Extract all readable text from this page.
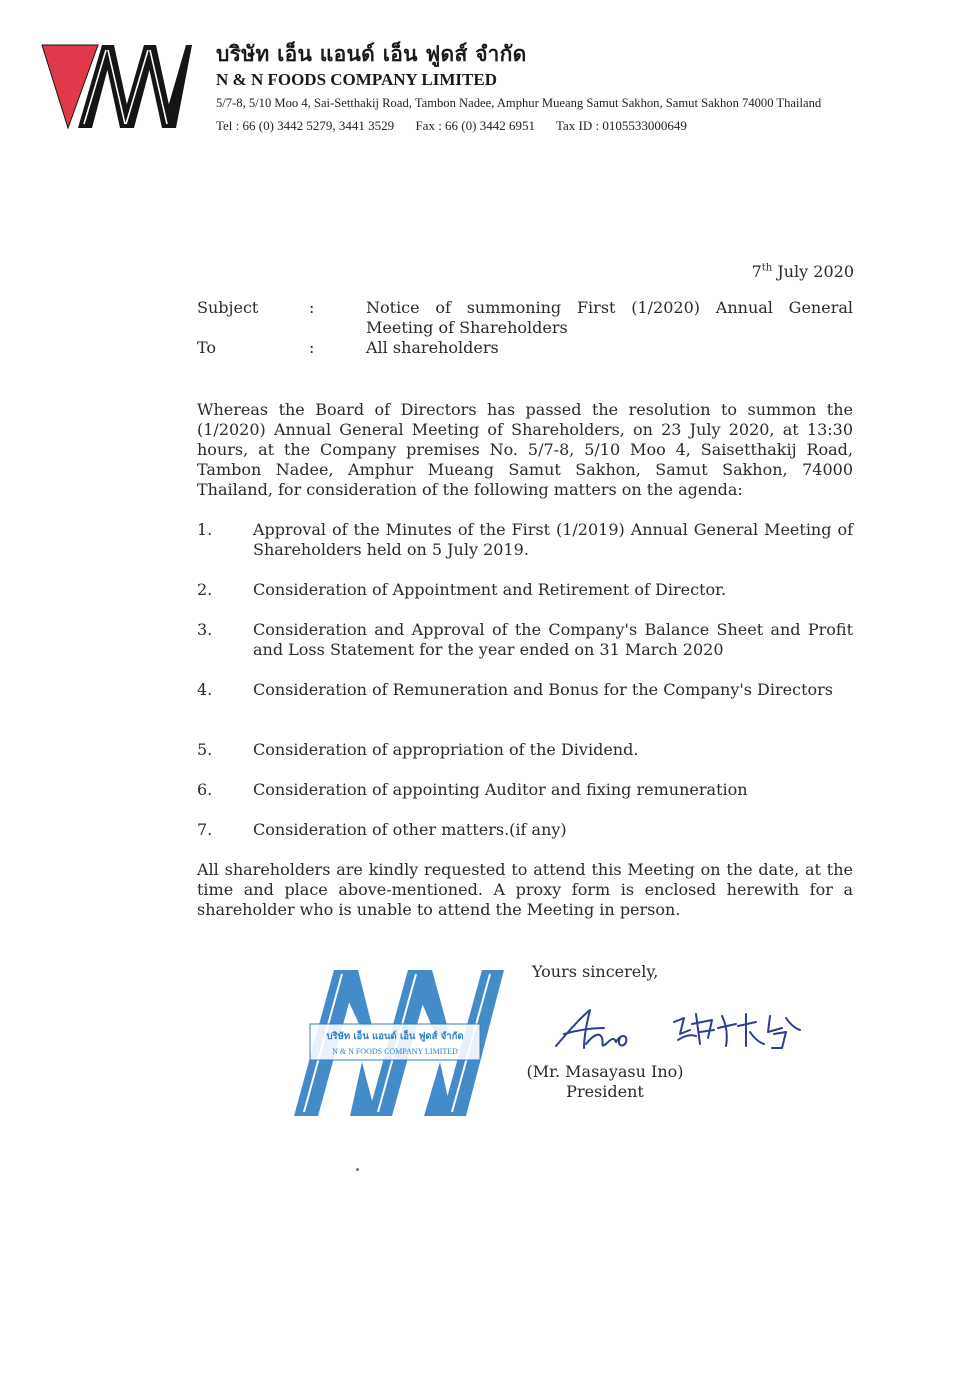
บริษัท เอ็น แอนด์ เอ็น ฟูดส์ จำกัด
N & N FOODS COMPANY LIMITED
5/7-8, 5/10 Moo 4, Sai-Setthakij Road, Tambon Nadee, Amphur Mueang Samut Sakhon, Samut Sakhon 74000 Thailand
Tel : 66 (0) 3442 5279, 3441 3529 Fax : 66 (0) 3442 6951 Tax ID : 0105533000649
7th July 2020
Subject	:	Notice of summoning First (1/2020) Annual General Meeting of Shareholders
To	:	All shareholders

Whereas the Board of Directors has passed the resolution to summon the (1/2020) Annual General Meeting of Shareholders, on 23 July 2020, at 13:30 hours, at the Company premises No. 5/7-8, 5/10 Moo 4, Saisetthakij Road, Tambon Nadee, Amphur Mueang Samut Sakhon, Samut Sakhon, 74000 Thailand, for consideration of the following matters on the agenda:

1.	Approval of the Minutes of the First (1/2019) Annual General Meeting of Shareholders held on 5 July 2019.
2.	Consideration of Appointment and Retirement of Director.
3.	Consideration and Approval of the Company's Balance Sheet and Profit and Loss Statement for the year ended on 31 March 2020
4.	Consideration of Remuneration and Bonus for the Company's Directors
5.	Consideration of appropriation of the Dividend.
6.	Consideration of appointing Auditor and fixing remuneration
7.	Consideration of other matters.(if any)

All shareholders are kindly requested to attend this Meeting on the date, at the time and place above-mentioned. A proxy form is enclosed herewith for a shareholder who is unable to attend the Meeting in person.

บริษัท เอ็น แอนด์ เอ็น ฟูดส์ จำกัด
N & N FOODS COMPANY LIMITED
Yours sincerely,
(Mr. Masayasu Ino)
President
